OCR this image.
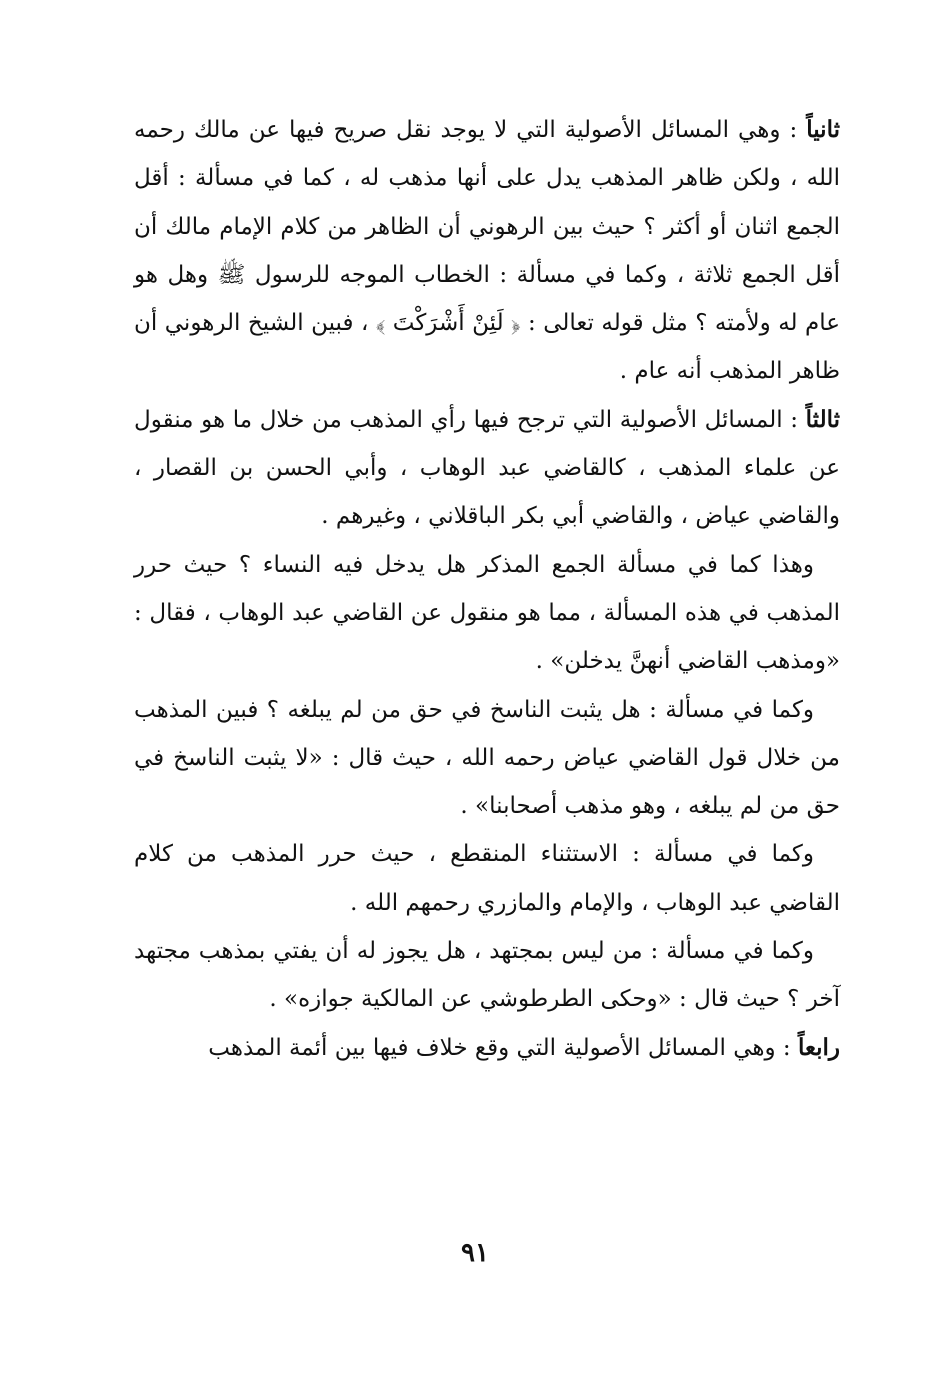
ثانياً : وهي المسائل الأصولية التي لا يوجد نقل صريح فيها عن مالك رحمه الله ، ولكن ظاهر المذهب يدل على أنها مذهب له ، كما في مسألة : أقل الجمع اثنان أو أكثر ؟ حيث بين الرهوني أن الظاهر من كلام الإمام مالك أن أقل الجمع ثلاثة ، وكما في مسألة : الخطاب الموجه للرسول ﷺ وهل هو عام له ولأمته ؟ مثل قوله تعالى : ﴿ لَئِنْ أَشْرَكْتَ ﴾ ، فبين الشيخ الرهوني أن ظاهر المذهب أنه عام .

ثالثاً : المسائل الأصولية التي ترجح فيها رأي المذهب من خلال ما هو منقول عن علماء المذهب ، كالقاضي عبد الوهاب ، وأبي الحسن بن القصار ، والقاضي عياض ، والقاضي أبي بكر الباقلاني ، وغيرهم .

وهذا كما في مسألة الجمع المذكر هل يدخل فيه النساء ؟ حيث حرر المذهب في هذه المسألة ، مما هو منقول عن القاضي عبد الوهاب ، فقال : «ومذهب القاضي أنهنَّ يدخلن» .

وكما في مسألة : هل يثبت الناسخ في حق من لم يبلغه ؟ فبين المذهب من خلال قول القاضي عياض رحمه الله ، حيث قال : «لا يثبت الناسخ في حق من لم يبلغه ، وهو مذهب أصحابنا» .

وكما في مسألة : الاستثناء المنقطع ، حيث حرر المذهب من كلام القاضي عبد الوهاب ، والإمام والمازري رحمهم الله .

وكما في مسألة : من ليس بمجتهد ، هل يجوز له أن يفتي بمذهب مجتهد آخر ؟ حيث قال : «وحكى الطرطوشي عن المالكية جوازه» .

رابعاً : وهي المسائل الأصولية التي وقع خلاف فيها بين أئمة المذهب

٩١
